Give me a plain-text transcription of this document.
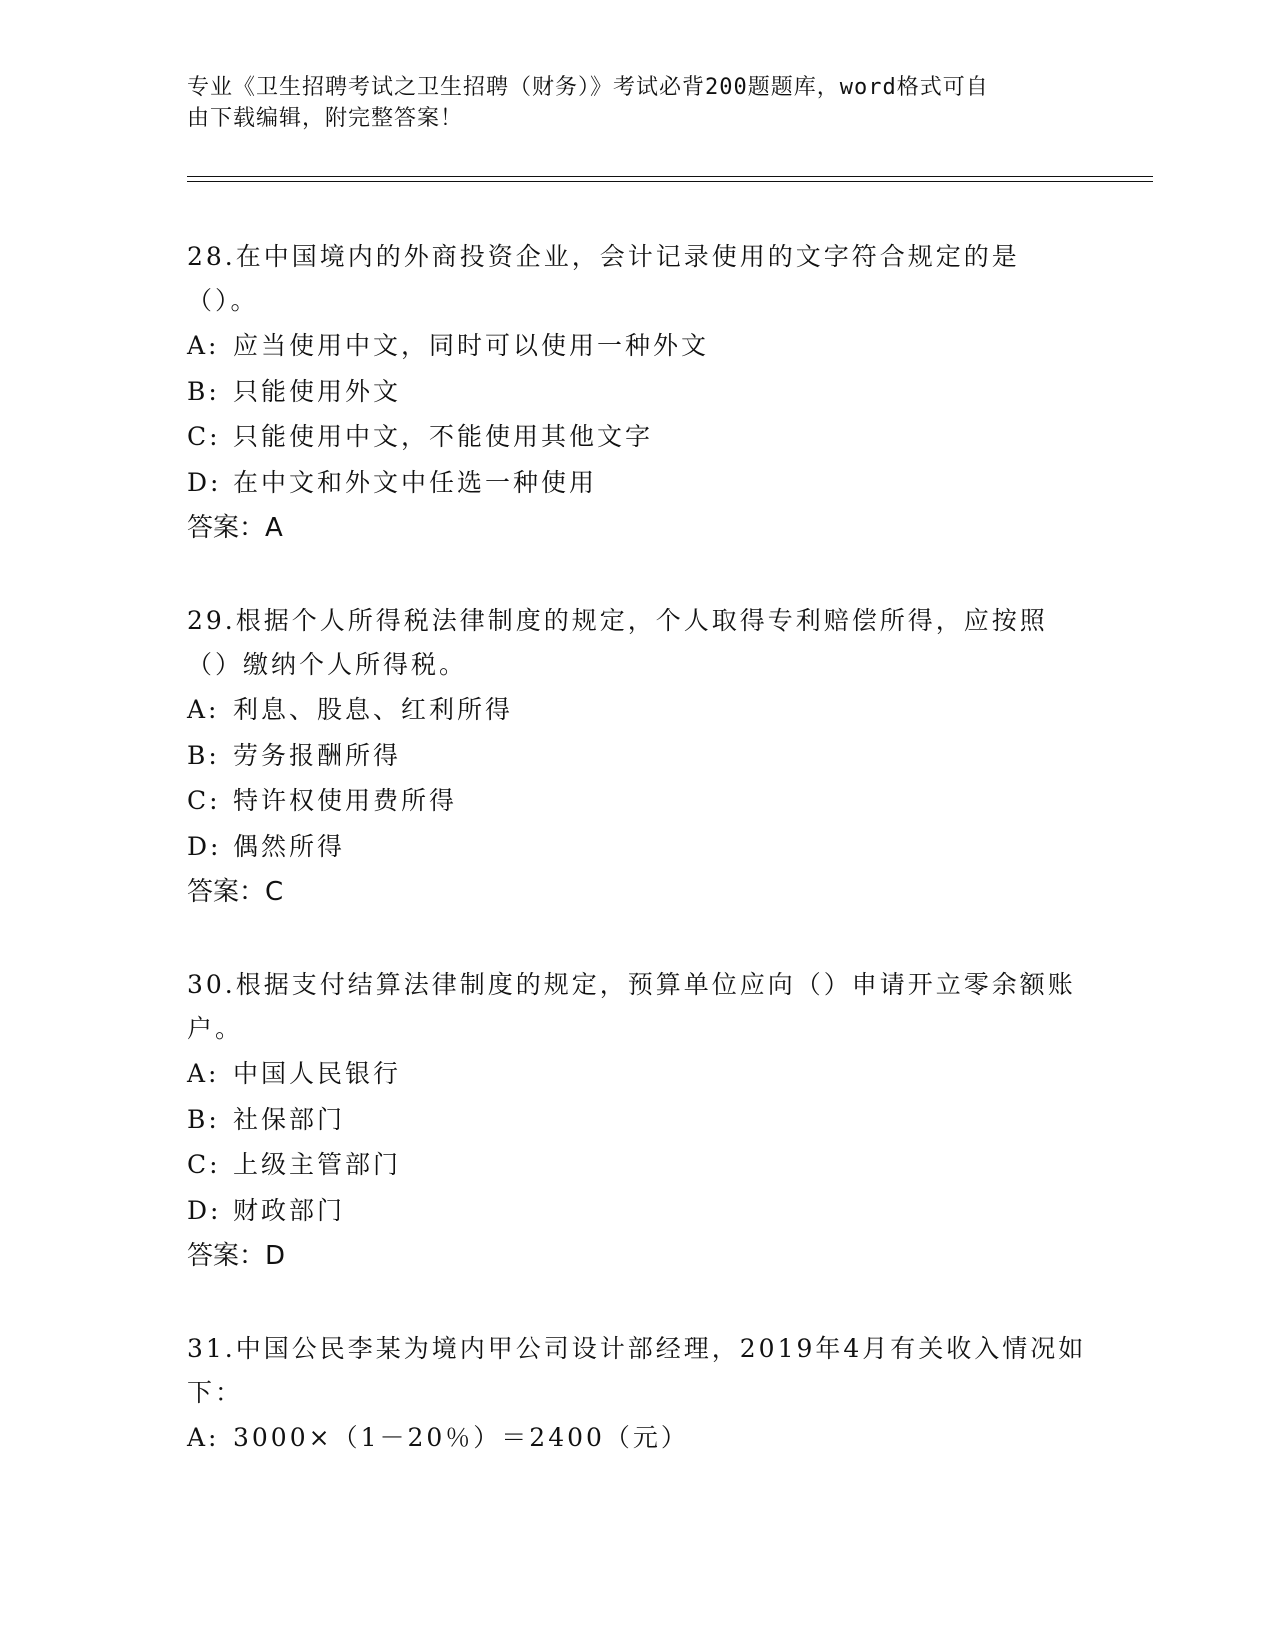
专业《卫生招聘考试之卫生招聘（财务）》考试必背200题题库，word格式可自
由下载编辑，附完整答案！

28.在中国境内的外商投资企业，会计记录使用的文字符合规定的是（）。

A: 应当使用中文，同时可以使用一种外文

B: 只能使用外文

C: 只能使用中文，不能使用其他文字

D: 在中文和外文中任选一种使用

答案：A

29.根据个人所得税法律制度的规定，个人取得专利赔偿所得，应按照（）缴纳个人所得税。

A: 利息、股息、红利所得

B: 劳务报酬所得

C: 特许权使用费所得

D: 偶然所得

答案：C

30.根据支付结算法律制度的规定，预算单位应向（）申请开立零余额账户。

A: 中国人民银行

B: 社保部门

C: 上级主管部门

D: 财政部门

答案：D

31.中国公民李某为境内甲公司设计部经理，2019年4月有关收入情况如下：

A: 3000×（1－20％）＝2400（元）
